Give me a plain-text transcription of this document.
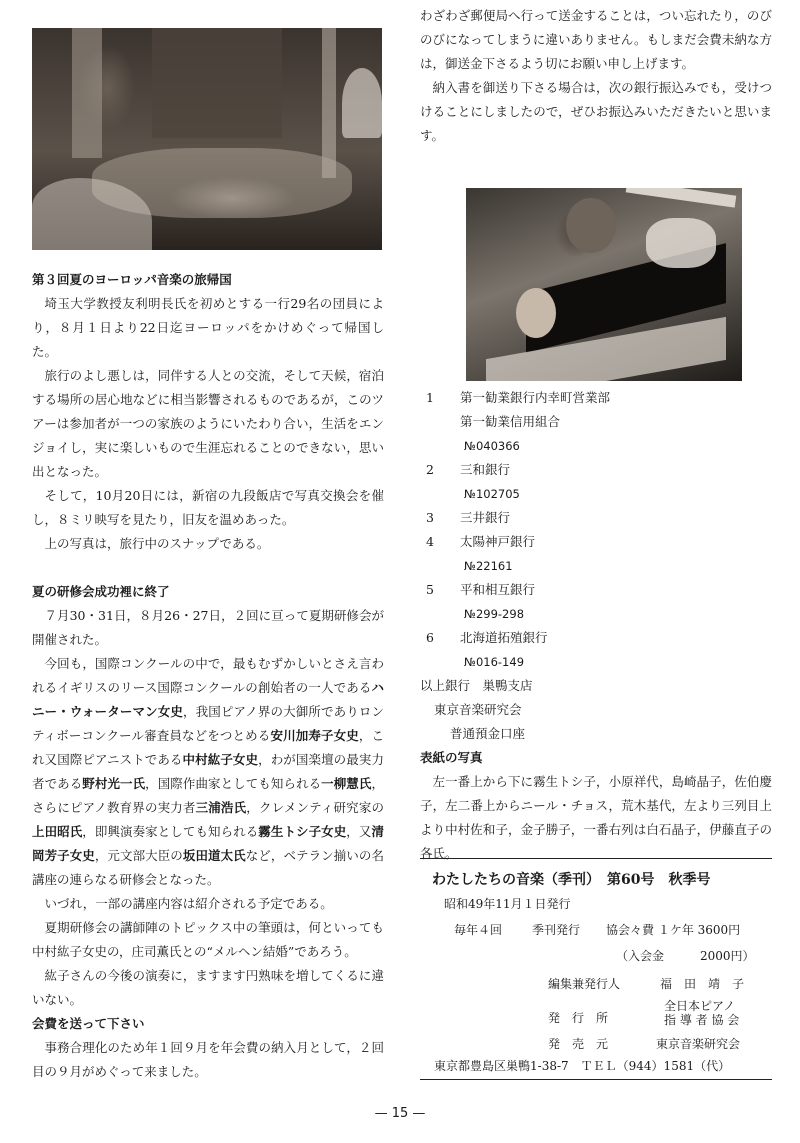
第３回夏のヨーロッパ音楽の旅帰国

埼玉大学教授友利明長氏を初めとする一行29名の団員により，８月１日より22日迄ヨーロッパをかけめぐって帰国した。

旅行のよし悪しは，同伴する人との交流，そして天候，宿泊する場所の居心地などに相当影響されるものであるが，このツアーは参加者が一つの家族のようにいたわり合い，生活をエンジョイし，実に楽しいもので生涯忘れることのできない，思い出となった。

そして，10月20日には，新宿の九段飯店で写真交換会を催し，８ミリ映写を見たり，旧友を温めあった。

上の写真は，旅行中のスナップである。

夏の研修会成功裡に終了

７月30・31日，８月26・27日，２回に亘って夏期研修会が開催された。

今回も，国際コンクールの中で，最もむずかしいとさえ言われるイギリスのリース国際コンクールの創始者の一人であるハニー・ウォーターマン女史，我国ピアノ界の大御所でありロンティボーコンクール審査員などをつとめる安川加寿子女史，これ又国際ピアニストである中村紘子女史，わが国楽壇の最実力者である野村光一氏，国際作曲家としても知られる一柳慧氏，さらにピアノ教育界の実力者三浦浩氏，クレメンティ研究家の上田昭氏，即興演奏家としても知られる霧生トシ子女史，又清岡芳子女史，元文部大臣の坂田道太氏など，ベテラン揃いの名講座の連らなる研修会となった。

いづれ，一部の講座内容は紹介される予定である。

夏期研修会の講師陣のトピックス中の筆頭は，何といっても中村紘子女史の，庄司薫氏との“メルヘン結婚”であろう。

紘子さんの今後の演奏に，ますます円熟味を増してくるに違いない。

会費を送って下さい

事務合理化のため年１回９月を年会費の納入月として，２回目の９月がめぐって来ました。

わざわざ郵便局へ行って送金することは，つい忘れたり，のびのびになってしまうに違いありません。もしまだ会費未納な方は，御送金下さるよう切にお願い申し上げます。

納入書を御送り下さる場合は，次の銀行振込みでも，受けつけることにしましたので，ぜひお振込みいただきたいと思います。

1	第一勧業銀行内幸町営業部
第一勧業信用組合
№040366
2	三和銀行
№102705
3	三井銀行
4	太陽神戸銀行
№22161
5	平和相互銀行
№299-298
6	北海道拓殖銀行
№016-149
以上銀行　巣鴨支店
東京音楽研究会
普通預金口座
表紙の写真

左一番上から下に霧生トシ子，小原祥代，島崎晶子，佐伯慶子，左二番上からニール・チョス，荒木基代，左より三列目上より中村佐和子，金子勝子，一番右列は白石晶子，伊藤直子の各氏。

わたしたちの音楽（季刊）　第60号　秋季号
昭和49年11月１日発行
毎年４回 季刊発行 協会々費 １ケ年 3600円
（入会金　　　2000円）
編集兼発行人	福　田　靖　子
発　行　所
全日本ピアノ
指 導 者 協 会
発　売　元	東京音楽研究会
東京都豊島区巣鴨1-38-7　ＴＥＬ（944）1581（代）
— 15 —
